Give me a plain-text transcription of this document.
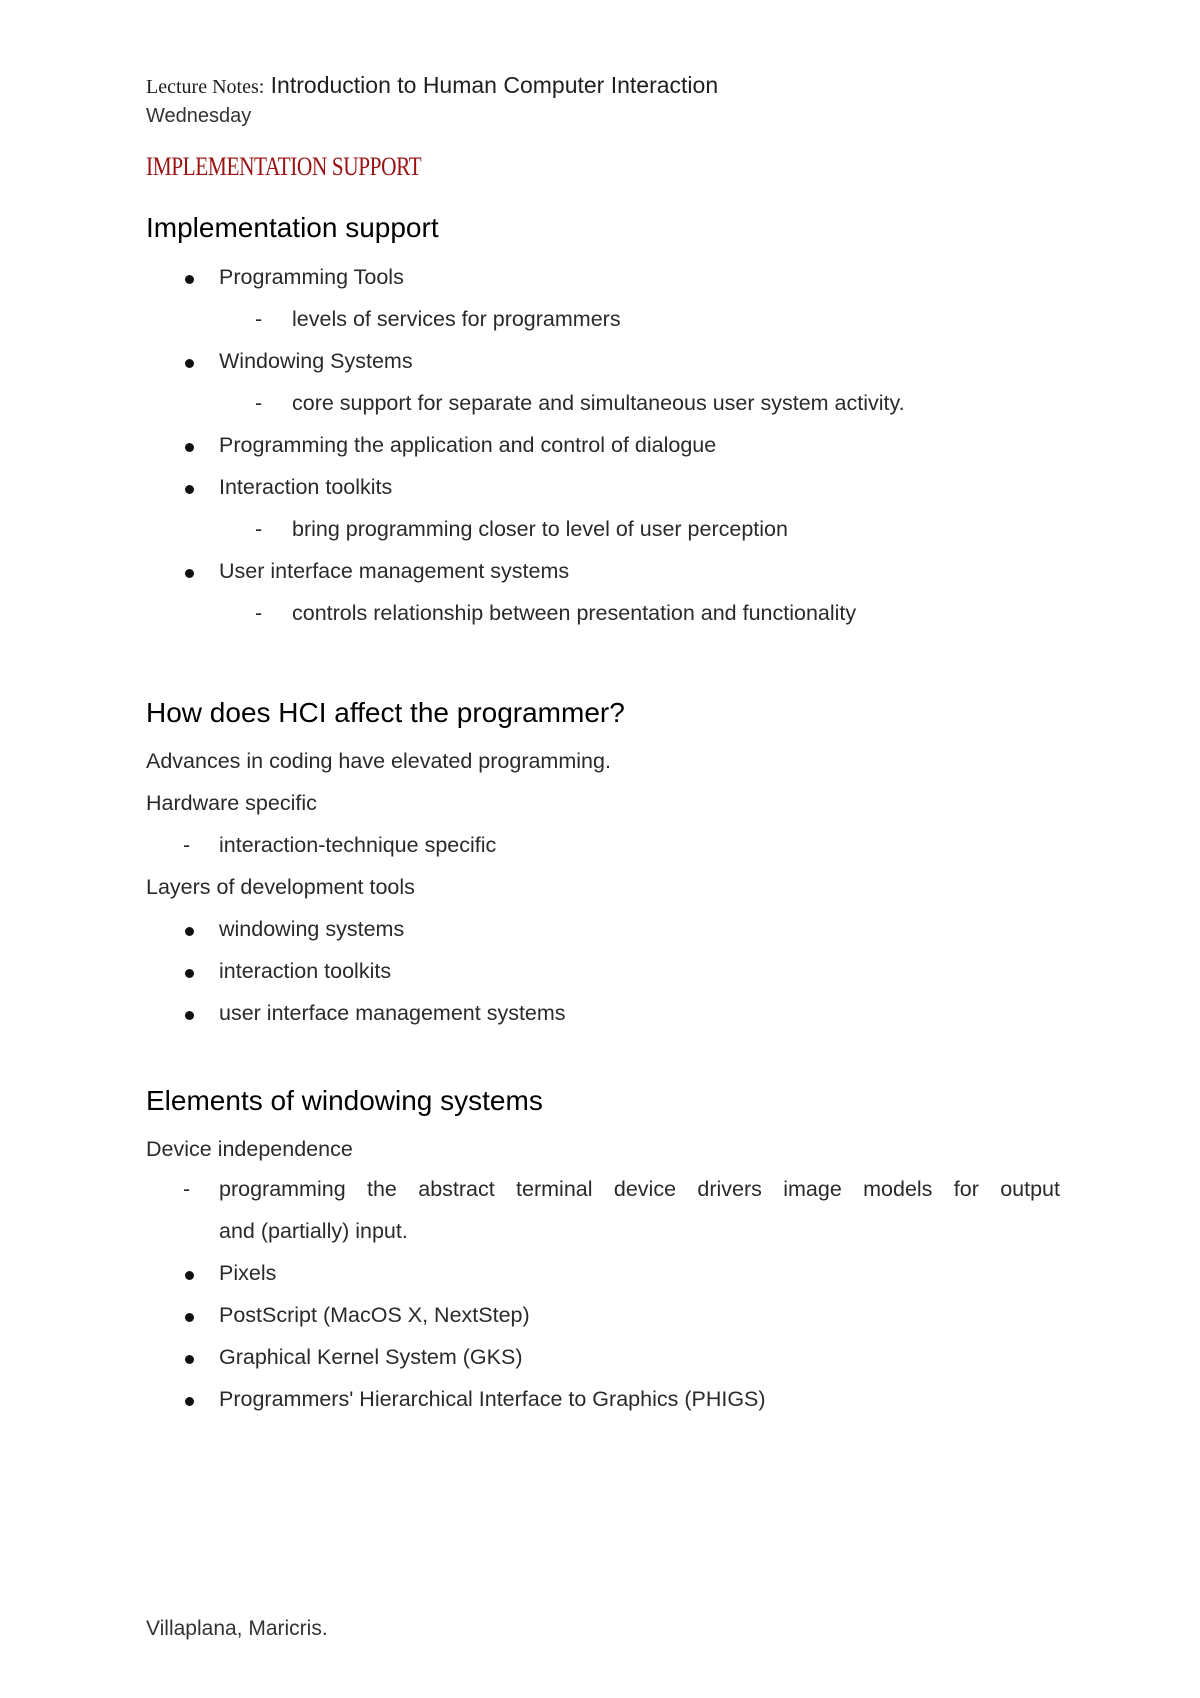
Lecture Notes: Introduction to Human Computer Interaction
Wednesday
IMPLEMENTATION SUPPORT
Implementation support
Programming Tools
- levels of services for programmers
Windowing Systems
- core support for separate and simultaneous user system activity.
Programming the application and control of dialogue
Interaction toolkits
- bring programming closer to level of user perception
User interface management systems
- controls relationship between presentation and functionality
How does HCI affect the programmer?
Advances in coding have elevated programming.
Hardware specific
- interaction-technique specific
Layers of development tools
windowing systems
interaction toolkits
user interface management systems
Elements of windowing systems
Device independence
- programming the abstract terminal device drivers image models for output
and (partially) input.
Pixels
PostScript (MacOS X, NextStep)
Graphical Kernel System (GKS)
Programmers' Hierarchical Interface to Graphics (PHIGS)
Villaplana, Maricris.
